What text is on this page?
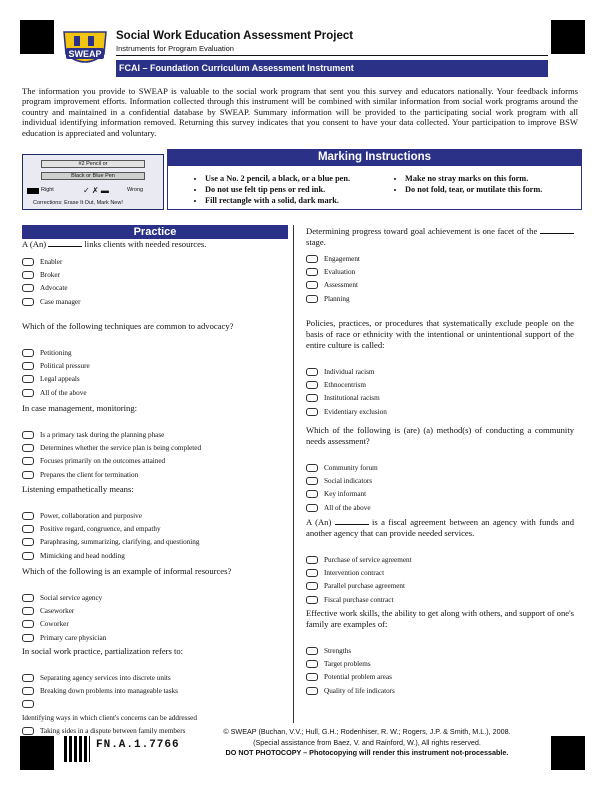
SWEAP
Social Work Education Assessment Project
Instruments for Program Evaluation
FCAI – Foundation Curriculum Assessment Instrument

The information you provide to SWEAP is valuable to the social work program that sent you this survey and educators nationally. Your feedback informs program improvement efforts. Information collected through this instrument will be combined with similar information from social work programs around the country and maintained in a confidential database by SWEAP. Summary information will be provided to the participating social work program with all individual identifying information removed. Returning this survey indicates that you consent to have your data collected. Your participation to improve BSW education is appreciated and voluntary.

#2 Pencil or
Black or Blue Pen
Right	✓ ✗ ▬	Wrong
Corrections: Erase It Out, Mark New!
Marking Instructions
• Use a No. 2 pencil, a black, or a blue pen.
• Do not use felt tip pens or red ink.
• Fill rectangle with a solid, dark mark.
• Make no stray marks on this form.
• Do not fold, tear, or mutilate this form.
Practice
A (An)	links clients with needed resources.
Enabler
Broker
Advocate
Case manager
Which of the following techniques are common to advocacy?
Petitioning
Political pressure
Legal appeals
All of the above
In case management, monitoring:
Is a primary task during the planning phase
Determines whether the service plan is being completed
Focuses primarily on the outcomes attained
Prepares the client for termination
Listening empathetically means:
Power, collaboration and purposive
Positive regard, congruence, and empathy
Paraphrasing, summarizing, clarifying, and questioning
Mimicking and head nodding
Which of the following is an example of informal resources?
Social service agency
Caseworker
Coworker
Primary care physician
In social work practice, partialization refers to:
Separating agency services into discrete units
Breaking down problems into manageable tasks
Identifying ways in which client's concerns can be addressed
Taking sides in a dispute between family members
Determining progress toward goal achievement is one facet of the  stage.
Engagement
Evaluation
Assessment
Planning
Policies, practices, or procedures that systematically exclude people on the basis of race or ethnicity with the intentional or unintentional support of the entire culture is called:
Individual racism
Ethnocentrism
Institutional racism
Evidentiary exclusion
Which of the following is (are) (a) method(s) of conducting a community needs assessment?
Community forum
Social indicators
Key informant
All of the above
A (An)	is a fiscal agreement between an agency with funds and another agency that can provide needed services.
Purchase of service agreement
Intervention contract
Parallel purchase agreement
Fiscal purchase contract
Effective work skills, the ability to get along with others, and support of one's family are examples of:
Strengths
Target problems
Potential problem areas
Quality of life indicators
FN.A.1.7766
© SWEAP (Buchan, V.V.; Hull, G.H.; Rodenhiser, R. W.; Rogers, J.P. & Smith, M.L.), 2008.
(Special assistance from Baez, V. and Rainford, W.), All rights reserved.
DO NOT PHOTOCOPY – Photocopying will render this instrument not-processable.
